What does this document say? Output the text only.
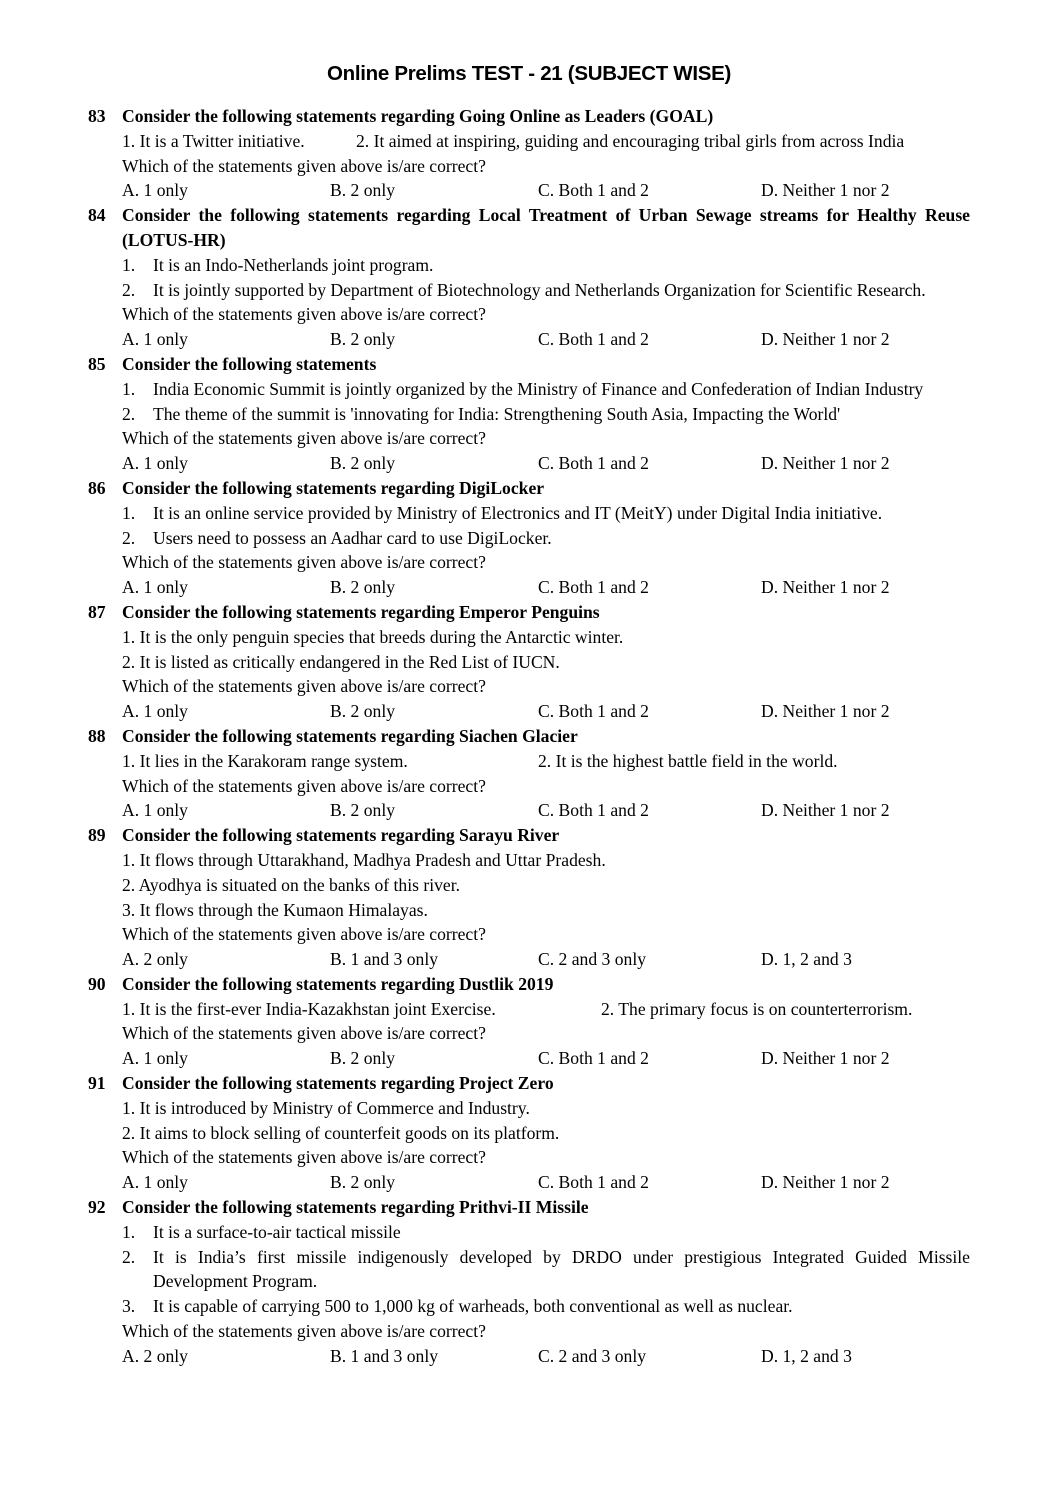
Online Prelims TEST - 21 (SUBJECT WISE)
83 Consider the following statements regarding Going Online as Leaders (GOAL)
1. It is a Twitter initiative.	2. It aimed at inspiring, guiding and encouraging tribal girls from across India
Which of the statements given above is/are correct?
A. 1 only	B. 2 only	C. Both 1 and 2	D. Neither 1 nor 2
84 Consider the following statements regarding Local Treatment of Urban Sewage streams for Healthy Reuse (LOTUS-HR)
1.	It is an Indo-Netherlands joint program.
2.	It is jointly supported by Department of Biotechnology and Netherlands Organization for Scientific Research.
Which of the statements given above is/are correct?
A. 1 only	B. 2 only	C. Both 1 and 2	D. Neither 1 nor 2
85 Consider the following statements
1.	India Economic Summit is jointly organized by the Ministry of Finance and Confederation of Indian Industry
2.	The theme of the summit is 'innovating for India: Strengthening South Asia, Impacting the World'
Which of the statements given above is/are correct?
A. 1 only	B. 2 only	C. Both 1 and 2	D. Neither 1 nor 2
86 Consider the following statements regarding DigiLocker
1.	It is an online service provided by Ministry of Electronics and IT (MeitY) under Digital India initiative.
2.	Users need to possess an Aadhar card to use DigiLocker.
Which of the statements given above is/are correct?
A. 1 only	B. 2 only	C. Both 1 and 2	D. Neither 1 nor 2
87 Consider the following statements regarding Emperor Penguins
1. It is the only penguin species that breeds during the Antarctic winter.
2. It is listed as critically endangered in the Red List of IUCN.
Which of the statements given above is/are correct?
A. 1 only	B. 2 only	C. Both 1 and 2	D. Neither 1 nor 2
88 Consider the following statements regarding Siachen Glacier
1. It lies in the Karakoram range system.	2. It is the highest battle field in the world.
Which of the statements given above is/are correct?
A. 1 only	B. 2 only	C. Both 1 and 2	D. Neither 1 nor 2
89 Consider the following statements regarding Sarayu River
1. It flows through Uttarakhand, Madhya Pradesh and Uttar Pradesh.
2. Ayodhya is situated on the banks of this river.
3. It flows through the Kumaon Himalayas.
Which of the statements given above is/are correct?
A. 2 only	B. 1 and 3 only	C. 2 and 3 only	D. 1, 2 and 3
90 Consider the following statements regarding Dustlik 2019
1. It is the first-ever India-Kazakhstan joint Exercise.	2. The primary focus is on counterterrorism.
Which of the statements given above is/are correct?
A. 1 only	B. 2 only	C. Both 1 and 2	D. Neither 1 nor 2
91 Consider the following statements regarding Project Zero
1. It is introduced by Ministry of Commerce and Industry.
2. It aims to block selling of counterfeit goods on its platform.
Which of the statements given above is/are correct?
A. 1 only	B. 2 only	C. Both 1 and 2	D. Neither 1 nor 2
92 Consider the following statements regarding Prithvi-II Missile
1.	It is a surface-to-air tactical missile
2.	It is India’s first missile indigenously developed by DRDO under prestigious Integrated Guided Missile Development Program.
3.	It is capable of carrying 500 to 1,000 kg of warheads, both conventional as well as nuclear.
Which of the statements given above is/are correct?
A. 2 only	B. 1 and 3 only	C. 2 and 3 only	D. 1, 2 and 3
